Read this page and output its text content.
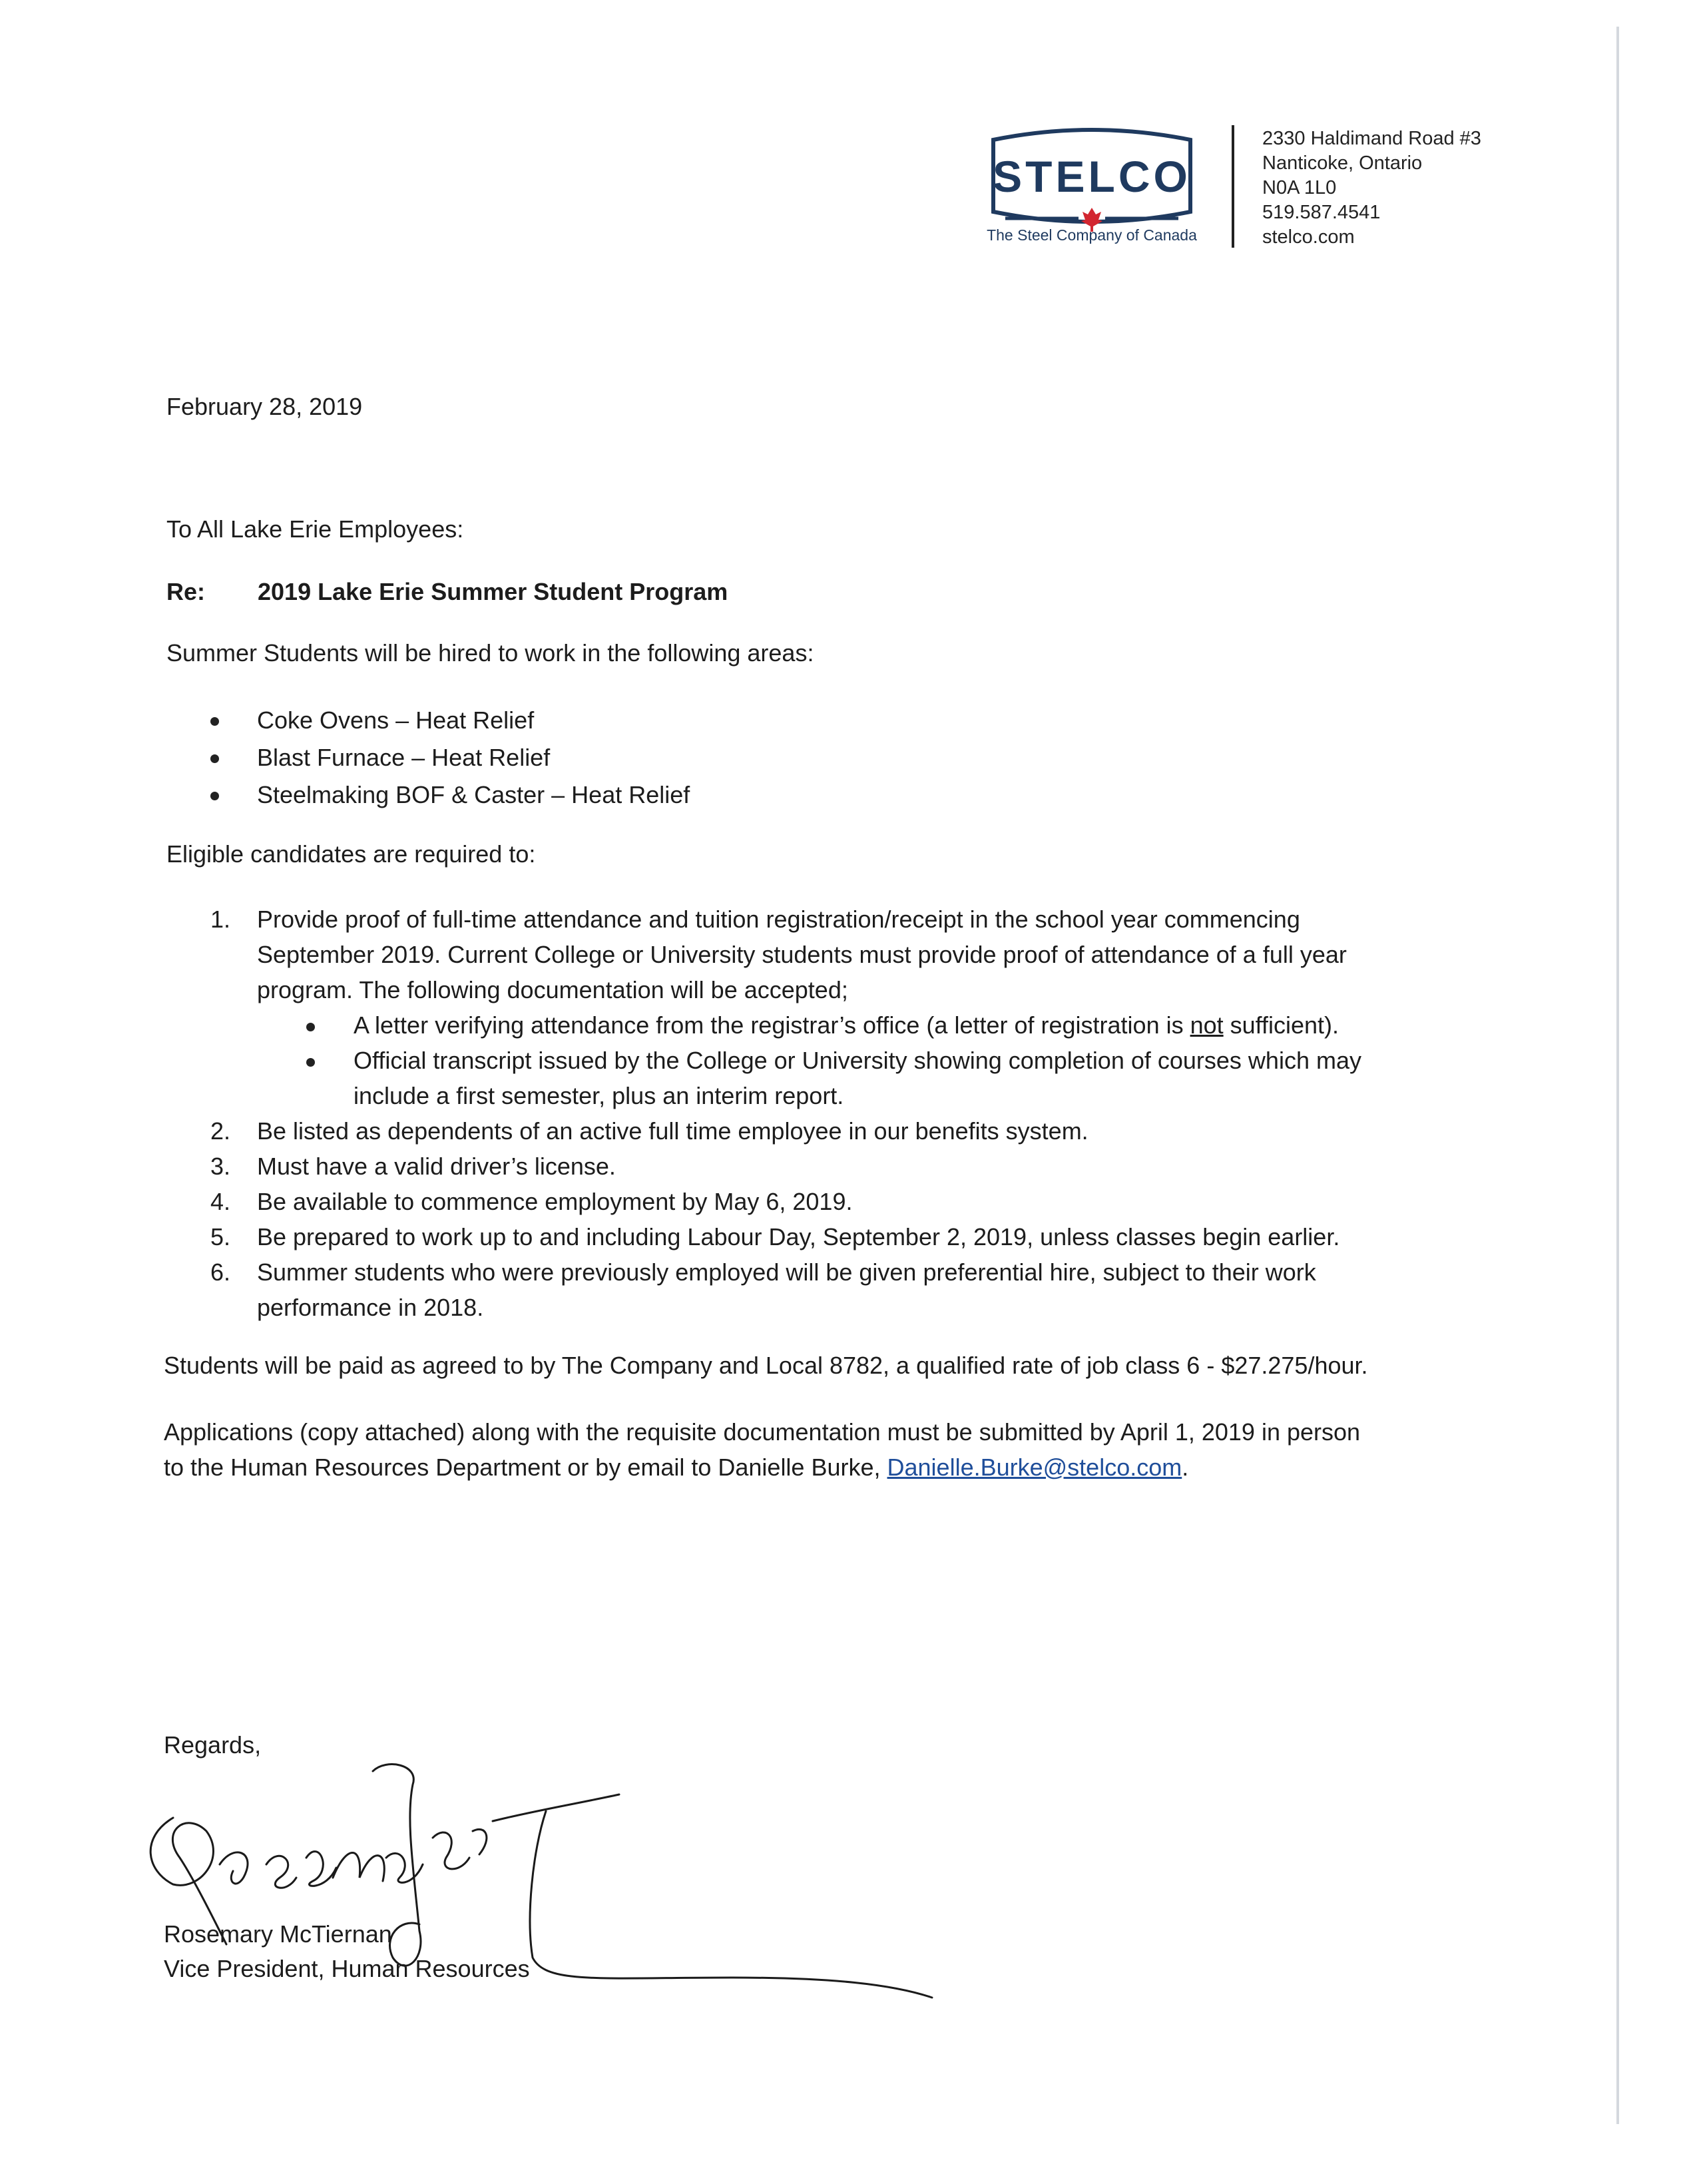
STELCO
The Steel Company of Canada
2330 Haldimand Road #3
Nanticoke, Ontario
N0A 1L0
519.587.4541
stelco.com
February 28, 2019
To All Lake Erie Employees:
Re: 2019 Lake Erie Summer Student Program
Summer Students will be hired to work in the following areas:
Coke Ovens – Heat Relief
Blast Furnace – Heat Relief
Steelmaking BOF & Caster – Heat Relief
Eligible candidates are required to:
1. Provide proof of full-time attendance and tuition registration/receipt in the school year commencing
September 2019. Current College or University students must provide proof of attendance of a full year
program. The following documentation will be accepted;
A letter verifying attendance from the registrar’s office (a letter of registration is not sufficient).
Official transcript issued by the College or University showing completion of courses which may
include a first semester, plus an interim report.
2. Be listed as dependents of an active full time employee in our benefits system.
3. Must have a valid driver’s license.
4. Be available to commence employment by May 6, 2019.
5. Be prepared to work up to and including Labour Day, September 2, 2019, unless classes begin earlier.
6. Summer students who were previously employed will be given preferential hire, subject to their work
performance in 2018.
Students will be paid as agreed to by The Company and Local 8782, a qualified rate of job class 6 - $27.275/hour.
Applications (copy attached) along with the requisite documentation must be submitted by April 1, 2019 in person
to the Human Resources Department or by email to Danielle Burke, Danielle.Burke@stelco.com.
Regards,
Rosemary McTiernan
Vice President, Human Resources
